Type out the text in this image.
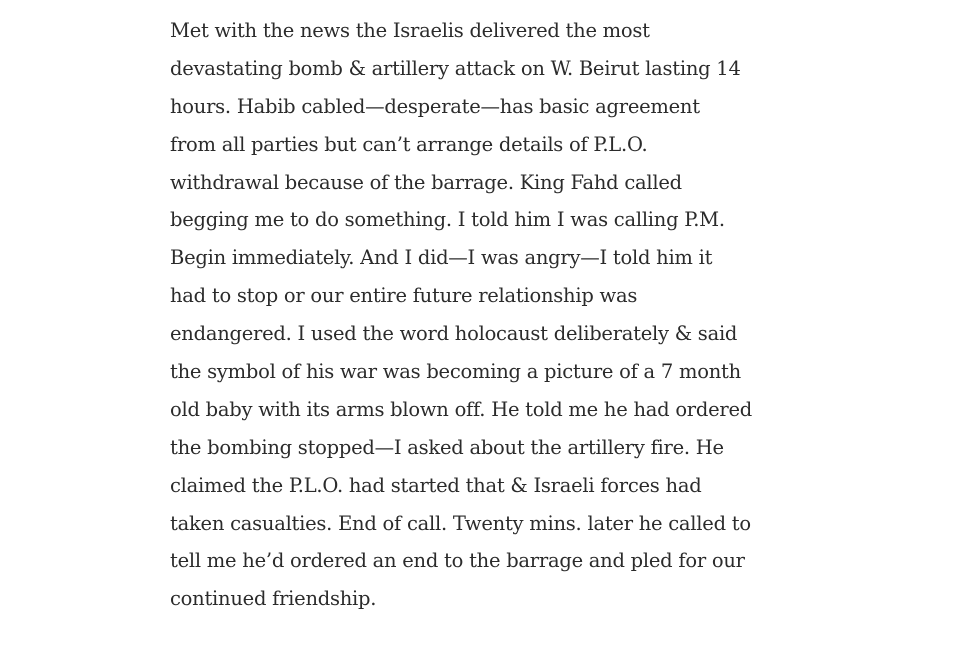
Met with the news the Israelis delivered the most
devastating bomb & artillery attack on W. Beirut lasting 14
hours. Habib cabled—desperate—has basic agreement
from all parties but can’t arrange details of P.L.O.
withdrawal because of the barrage. King Fahd called
begging me to do something. I told him I was calling P.M.
Begin immediately. And I did—I was angry—I told him it
had to stop or our entire future relationship was
endangered. I used the word holocaust deliberately & said
the symbol of his war was becoming a picture of a 7 month
old baby with its arms blown off. He told me he had ordered
the bombing stopped—I asked about the artillery fire. He
claimed the P.L.O. had started that & Israeli forces had
taken casualties. End of call. Twenty mins. later he called to
tell me he’d ordered an end to the barrage and pled for our
continued friendship.
